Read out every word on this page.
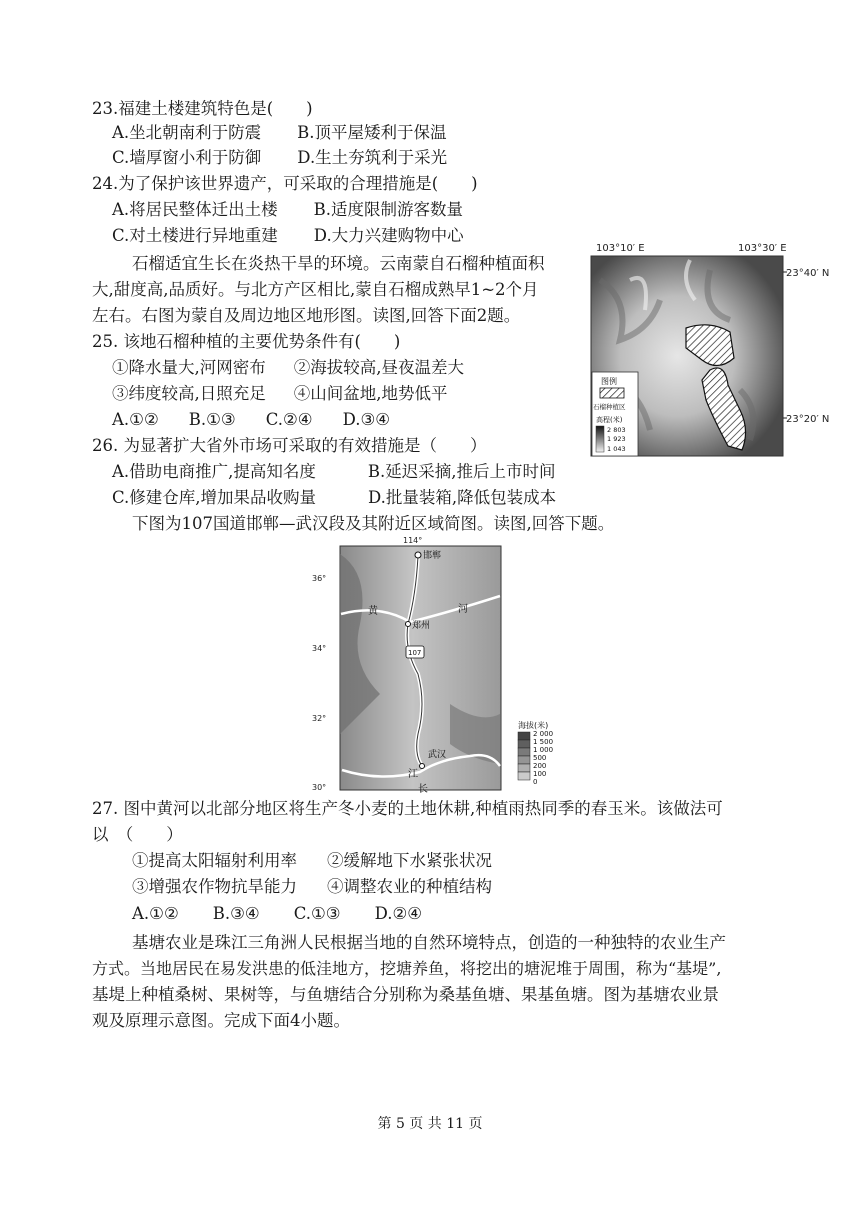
23.福建土楼建筑特色是(　　)
A.坐北朝南利于防震 B.顶平屋矮利于保温
C.墙厚窗小利于防御 D.生土夯筑利于采光
24.为了保护该世界遗产，可采取的合理措施是(　　)
A.将居民整体迁出土楼 B.适度限制游客数量
C.对土楼进行异地重建 D.大力兴建购物中心
石榴适宜生长在炎热干旱的环境。云南蒙自石榴种植面积
大,甜度高,品质好。与北方产区相比,蒙自石榴成熟早1~2个月
左右。右图为蒙自及周边地区地形图。读图,回答下面2题。
103°10′ E	103°30′ E
23°40′ N
23°20′ N
图例
石榴种植区
高程(米)
2 803
1 923
1 043
25. 该地石榴种植的主要优势条件有(　　)
①降水量大,河网密布 ②海拔较高,昼夜温差大
③纬度较高,日照充足 ④山间盆地,地势低平
A.①② B.①③ C.②④ D.③④
26. 为显著扩大省外市场可采取的有效措施是（　　）
A.借助电商推广,提高知名度	B.延迟采摘,推后上市时间
C.修建仓库,增加果品收购量	D.批量装箱,降低包装成本
下图为107国道邯郸—武汉段及其附近区域简图。读图,回答下题。
114°
邯郸
郑州
武汉
黄	河
江
长
107
36°
34°
32°
30°
海拔(米)
2 000
1 500
1 000
500
200
100
0
27. 图中黄河以北部分地区将生产冬小麦的土地休耕,种植雨热同季的春玉米。该做法可
以　（　　）
①提高太阳辐射利用率 ②缓解地下水紧张状况
③增强农作物抗旱能力 ④调整农业的种植结构
A.①② B.③④ C.①③ D.②④
基塘农业是珠江三角洲人民根据当地的自然环境特点，创造的一种独特的农业生产
方式。当地居民在易发洪患的低洼地方，挖塘养鱼，将挖出的塘泥堆于周围，称为“基堤”,
基堤上种植桑树、果树等，与鱼塘结合分别称为桑基鱼塘、果基鱼塘。图为基塘农业景
观及原理示意图。完成下面4小题。
第 5 页 共 11 页
